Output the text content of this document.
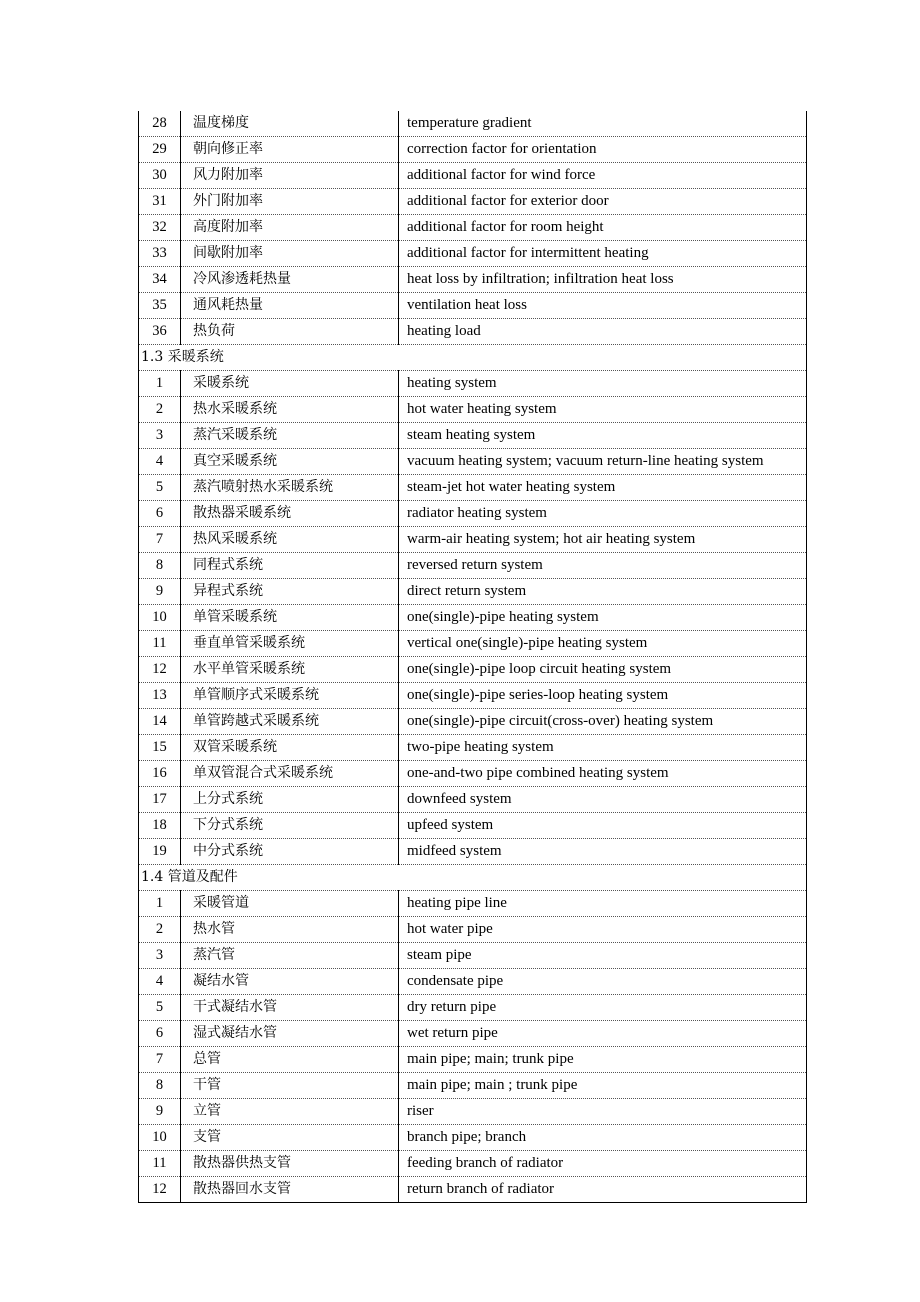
28	温度梯度	temperature gradient
29	朝向修正率	correction factor for orientation
30	风力附加率	additional factor for wind force
31	外门附加率	additional factor for exterior door
32	高度附加率	additional factor for room height
33	间歇附加率	additional factor for intermittent heating
34	冷风渗透耗热量	heat loss by infiltration; infiltration heat loss
35	通风耗热量	ventilation heat loss
36	热负荷	heating load
1.3 采暖系统		
1	采暖系统	heating system
2	热水采暖系统	hot water heating system
3	蒸汽采暖系统	steam heating system
4	真空采暖系统	vacuum heating system; vacuum return-line heating system
5	蒸汽喷射热水采暖系统	steam-jet hot water heating system
6	散热器采暖系统	radiator heating system
7	热风采暖系统	warm-air heating system; hot air heating system
8	同程式系统	reversed return system
9	异程式系统	direct return system
10	单管采暖系统	one(single)-pipe heating system
11	垂直单管采暖系统	vertical one(single)-pipe heating system
12	水平单管采暖系统	one(single)-pipe loop circuit heating system
13	单管顺序式采暖系统	one(single)-pipe series-loop heating system
14	单管跨越式采暖系统	one(single)-pipe circuit(cross-over) heating system
15	双管采暖系统	two-pipe heating system
16	单双管混合式采暖系统	one-and-two pipe combined heating system
17	上分式系统	downfeed system
18	下分式系统	upfeed system
19	中分式系统	midfeed system
1.4 管道及配件		
1	采暖管道	heating pipe line
2	热水管	hot water pipe
3	蒸汽管	steam pipe
4	凝结水管	condensate pipe
5	干式凝结水管	dry return pipe
6	湿式凝结水管	wet return pipe
7	总管	main pipe; main; trunk pipe
8	干管	main pipe; main ; trunk pipe
9	立管	riser
10	支管	branch pipe; branch
11	散热器供热支管	feeding branch of radiator
12	散热器回水支管	return branch of radiator
